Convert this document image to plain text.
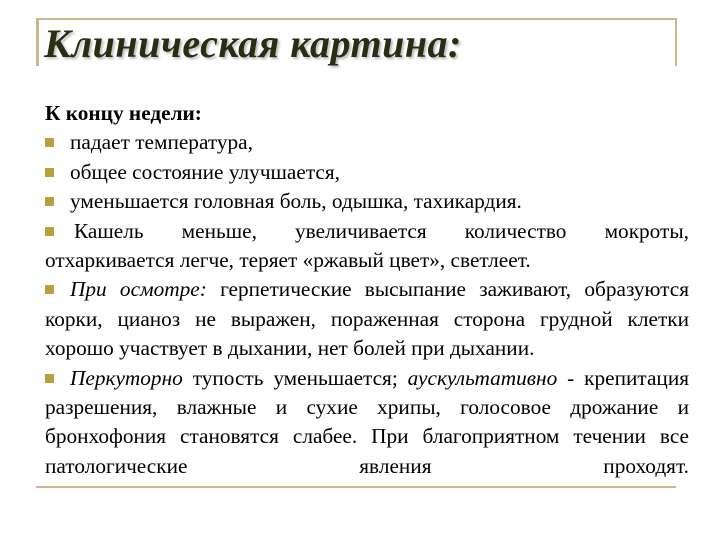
Клиническая картина:
К концу недели:
падает температура,
общее состояние улучшается,
уменьшается головная боль, одышка, тахикардия.
Кашель меньше, увеличивается количество мокроты, отхаркивается легче, теряет «ржавый цвет», светлеет.
При осмотре: герпетические высыпание заживают, образуются корки, цианоз не выражен, пораженная сторона грудной клетки хорошо участвует в дыхании, нет болей при дыхании.
Перкуторно тупость уменьшается; аускультативно - крепитация разрешения, влажные и сухие хрипы, голосовое дрожание и бронхофония становятся слабее. При благоприятном течении все патологические явления проходят.
